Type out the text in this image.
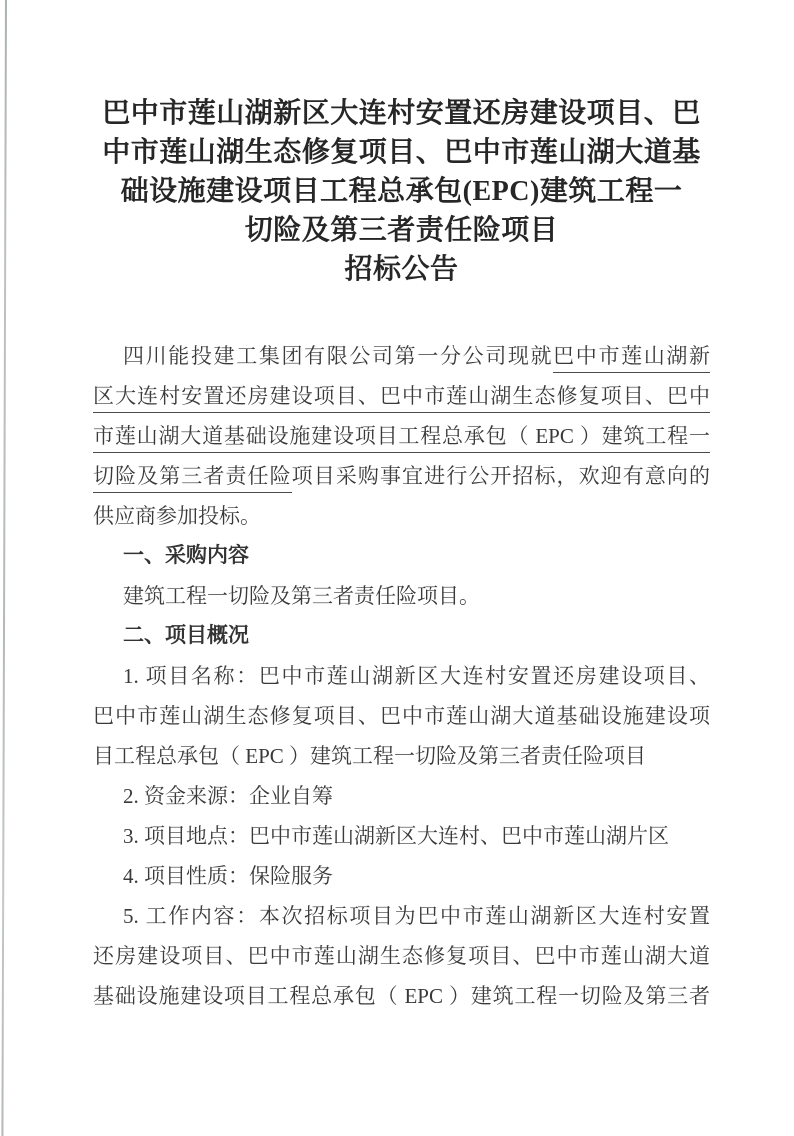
巴中市莲山湖新区大连村安置还房建设项目、巴
中市莲山湖生态修复项目、巴中市莲山湖大道基
础设施建设项目工程总承包(EPC)建筑工程一
切险及第三者责任险项目
招标公告
四川能投建工集团有限公司第一分公司现就巴中市莲山湖新
区大连村安置还房建设项目、巴中市莲山湖生态修复项目、巴中
市莲山湖大道基础设施建设项目工程总承包（ EPC ）建筑工程一
切险及第三者责任险项目采购事宜进行公开招标，欢迎有意向的
供应商参加投标。
一、采购内容
建筑工程一切险及第三者责任险项目。
二、项目概况
1. 项目名称：巴中市莲山湖新区大连村安置还房建设项目、
巴中市莲山湖生态修复项目、巴中市莲山湖大道基础设施建设项
目工程总承包（ EPC ）建筑工程一切险及第三者责任险项目
2. 资金来源：企业自筹
3. 项目地点：巴中市莲山湖新区大连村、巴中市莲山湖片区
4. 项目性质：保险服务
5. 工作内容：本次招标项目为巴中市莲山湖新区大连村安置
还房建设项目、巴中市莲山湖生态修复项目、巴中市莲山湖大道
基础设施建设项目工程总承包（ EPC ）建筑工程一切险及第三者
